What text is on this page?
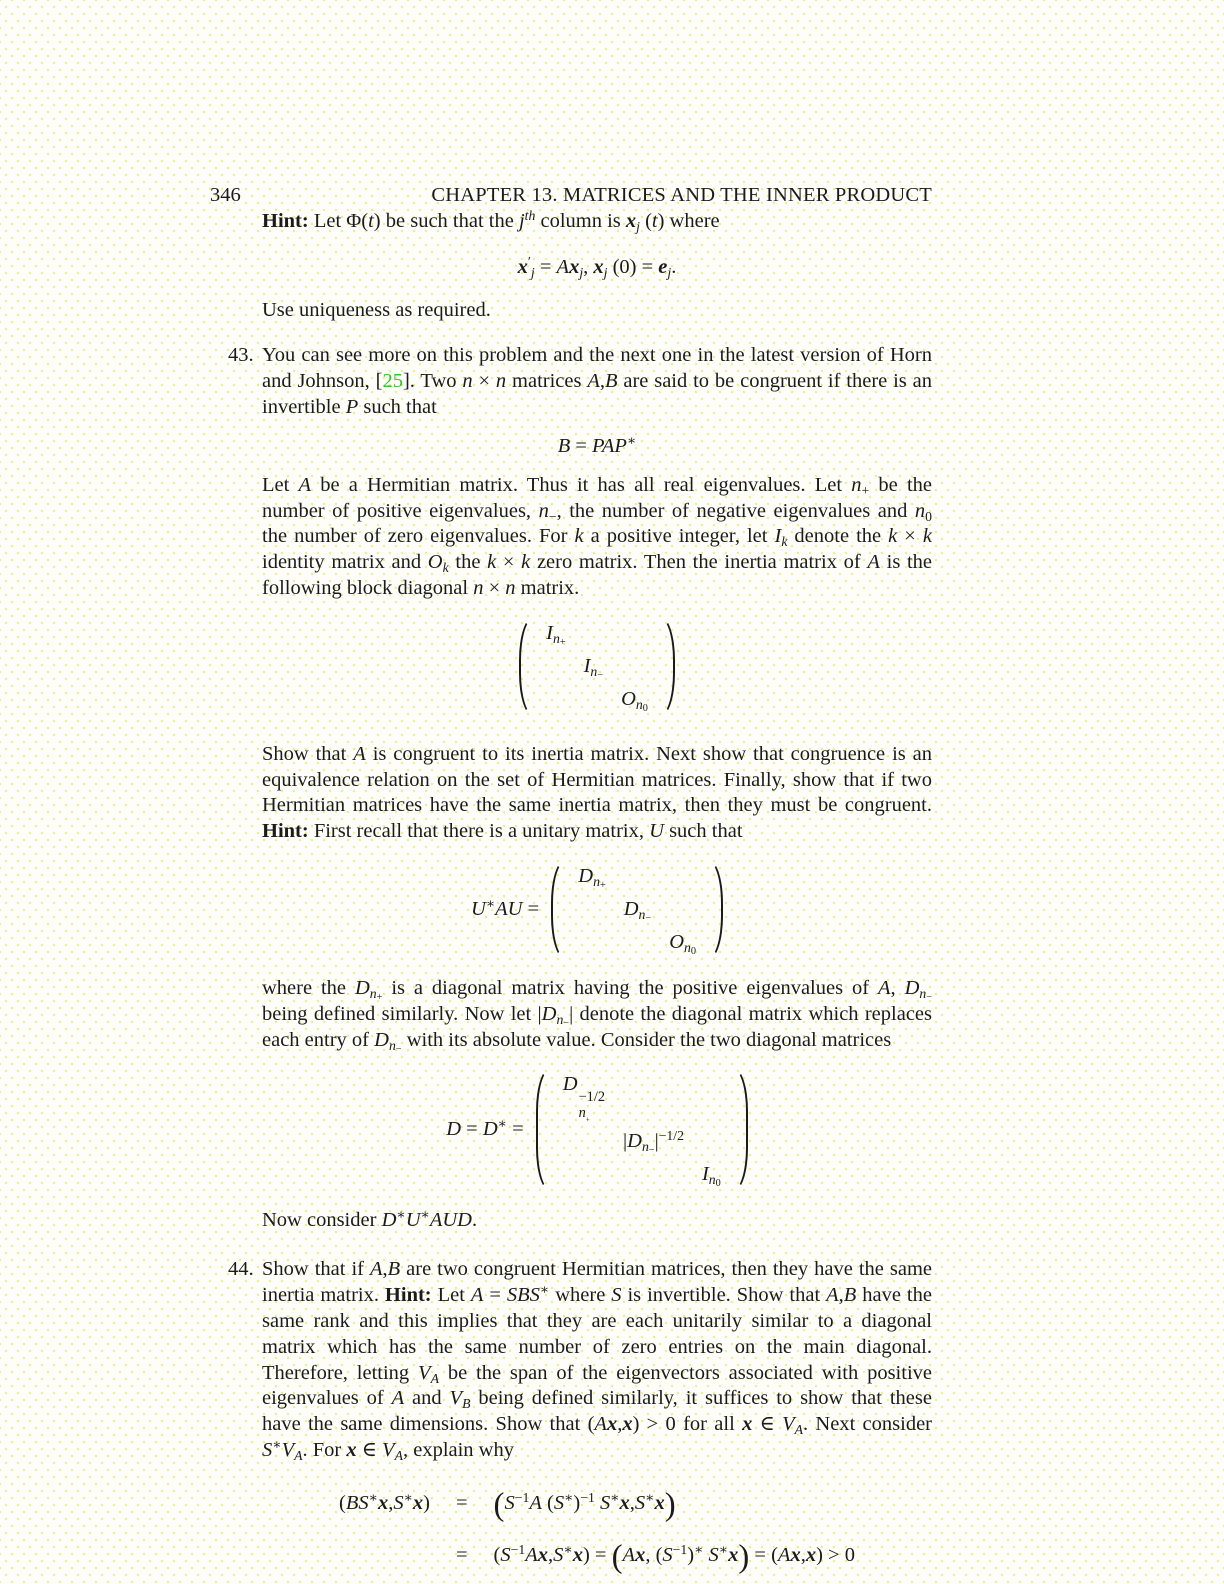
346	CHAPTER 13. MATRICES AND THE INNER PRODUCT

Hint: Let Φ(t) be such that the $j^{th}$ column is xj (t) where

x′j = Axj, xj (0) = ej.

Use uniqueness as required.

43. You can see more on this problem and the next one in the latest version of Horn and Johnson, [25]. Two n × n matrices A,B are said to be congruent if there is an invertible P such that

B = PAP∗

Let A be a Hermitian matrix. Thus it has all real eigenvalues. Let n+ be the number of positive eigenvalues, n−, the number of negative eigenvalues and n0 the number of zero eigenvalues. For k a positive integer, let Ik denote the k × k identity matrix and Ok the k × k zero matrix. Then the inertia matrix of A is the following block diagonal n × n matrix.

$In_+$
$In_-$
$On_0$

Show that A is congruent to its inertia matrix. Next show that congruence is an equivalence relation on the set of Hermitian matrices. Finally, show that if two Hermitian matrices have the same inertia matrix, then they must be congruent. Hint: First recall that there is a unitary matrix, U such that

U∗AU =
$Dn_+$
$Dn_-$
$On_0$

where the $Dn_+$ is a diagonal matrix having the positive eigenvalues of A, $Dn_-$ being defined similarly. Now let $|Dn_-|$ denote the diagonal matrix which replaces each entry of $Dn_-$ with its absolute value. Consider the two diagonal matrices

D = D∗ =
D
−1/2
$n_+$
$|Dn_-|^{-1/2}$
$In_0$

Now consider D∗U∗AUD.

44. Show that if A,B are two congruent Hermitian matrices, then they have the same inertia matrix. Hint: Let A = SBS∗ where S is invertible. Show that A,B have the same rank and this implies that they are each unitarily similar to a diagonal matrix which has the same number of zero entries on the main diagonal. Therefore, letting VA be the span of the eigenvectors associated with positive eigenvalues of A and VB being defined similarly, it suffices to show that these have the same dimensions. Show that (Ax,x) > 0 for all x ∈ VA. Next consider S∗VA. For x ∈ VA, explain why

$(BS^∗x,S^∗x) = (S^{-1}A$ $(S^∗)^{-1}$ S∗x,S∗x)
= $(S^{-1}Ax,S^∗x) = (Ax$, $(S^{-1})^∗$ S∗x) = (Ax,x) > 0
